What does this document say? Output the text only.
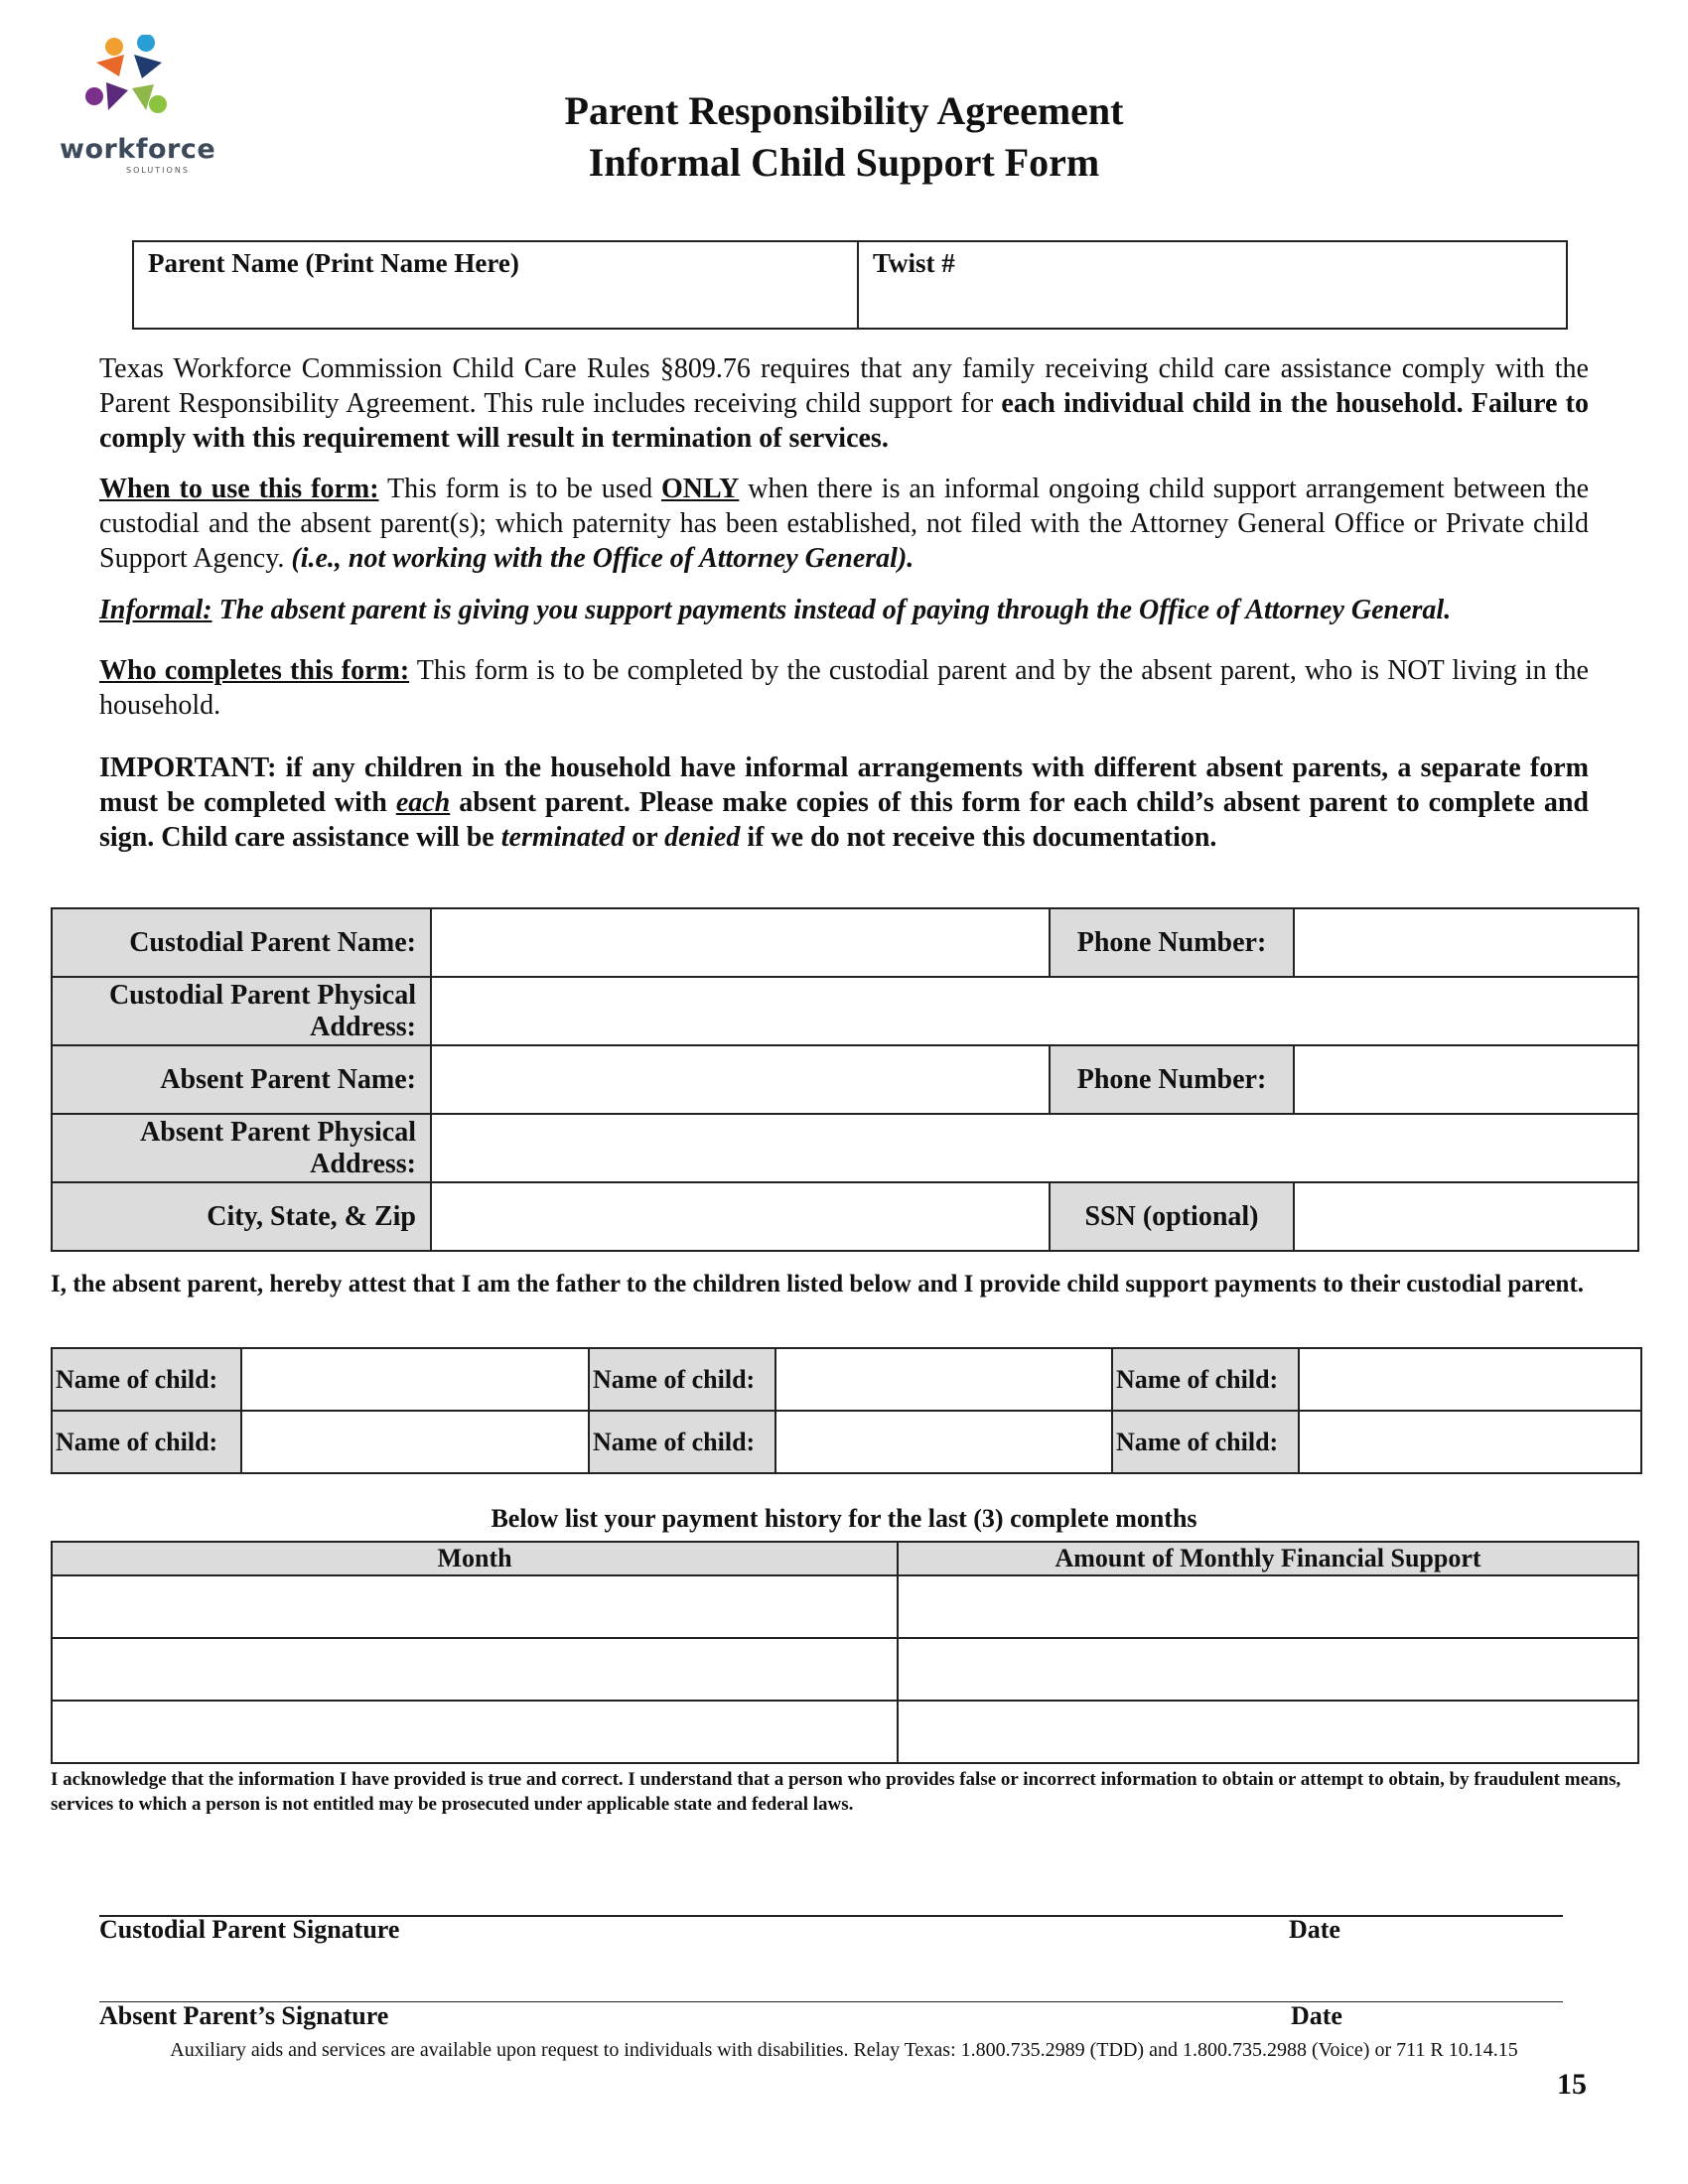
workforce
SOLUTIONS
Parent Responsibility Agreement
Informal Child Support Form
Parent Name (Print Name Here)	Twist #
Texas Workforce Commission Child Care Rules §809.76 requires that any family receiving child care assistance comply with the Parent Responsibility Agreement. This rule includes receiving child support for each individual child in the household. Failure to comply with this requirement will result in termination of services.
When to use this form: This form is to be used ONLY when there is an informal ongoing child support arrangement between the custodial and the absent parent(s); which paternity has been established, not filed with the Attorney General Office or Private child Support Agency. (i.e., not working with the Office of Attorney General).
Informal: The absent parent is giving you support payments instead of paying through the Office of Attorney General.
Who completes this form: This form is to be completed by the custodial parent and by the absent parent, who is NOT living in the household.
IMPORTANT: if any children in the household have informal arrangements with different absent parents, a separate form must be completed with each absent parent. Please make copies of this form for each child’s absent parent to complete and sign. Child care assistance will be terminated or denied if we do not receive this documentation.
Custodial Parent Name:		Phone Number:	
Custodial Parent Physical Address:			
Absent Parent Name:		Phone Number:	
Absent Parent Physical Address:			
City, State, & Zip		SSN (optional)	
I, the absent parent, hereby attest that I am the father to the children listed below and I provide child support payments to their custodial parent.
Name of child:		Name of child:		Name of child:	
Name of child:		Name of child:		Name of child:	
Below list your payment history for the last (3) complete months
Month	Amount of Monthly Financial Support

I acknowledge that the information I have provided is true and correct. I understand that a person who provides false or incorrect information to obtain or attempt to obtain, by fraudulent means, services to which a person is not entitled may be prosecuted under applicable state and federal laws.
Custodial Parent Signature	Date
Absent Parent’s Signature	Date
Auxiliary aids and services are available upon request to individuals with disabilities. Relay Texas: 1.800.735.2989 (TDD) and 1.800.735.2988 (Voice) or 711 R 10.14.15
15
